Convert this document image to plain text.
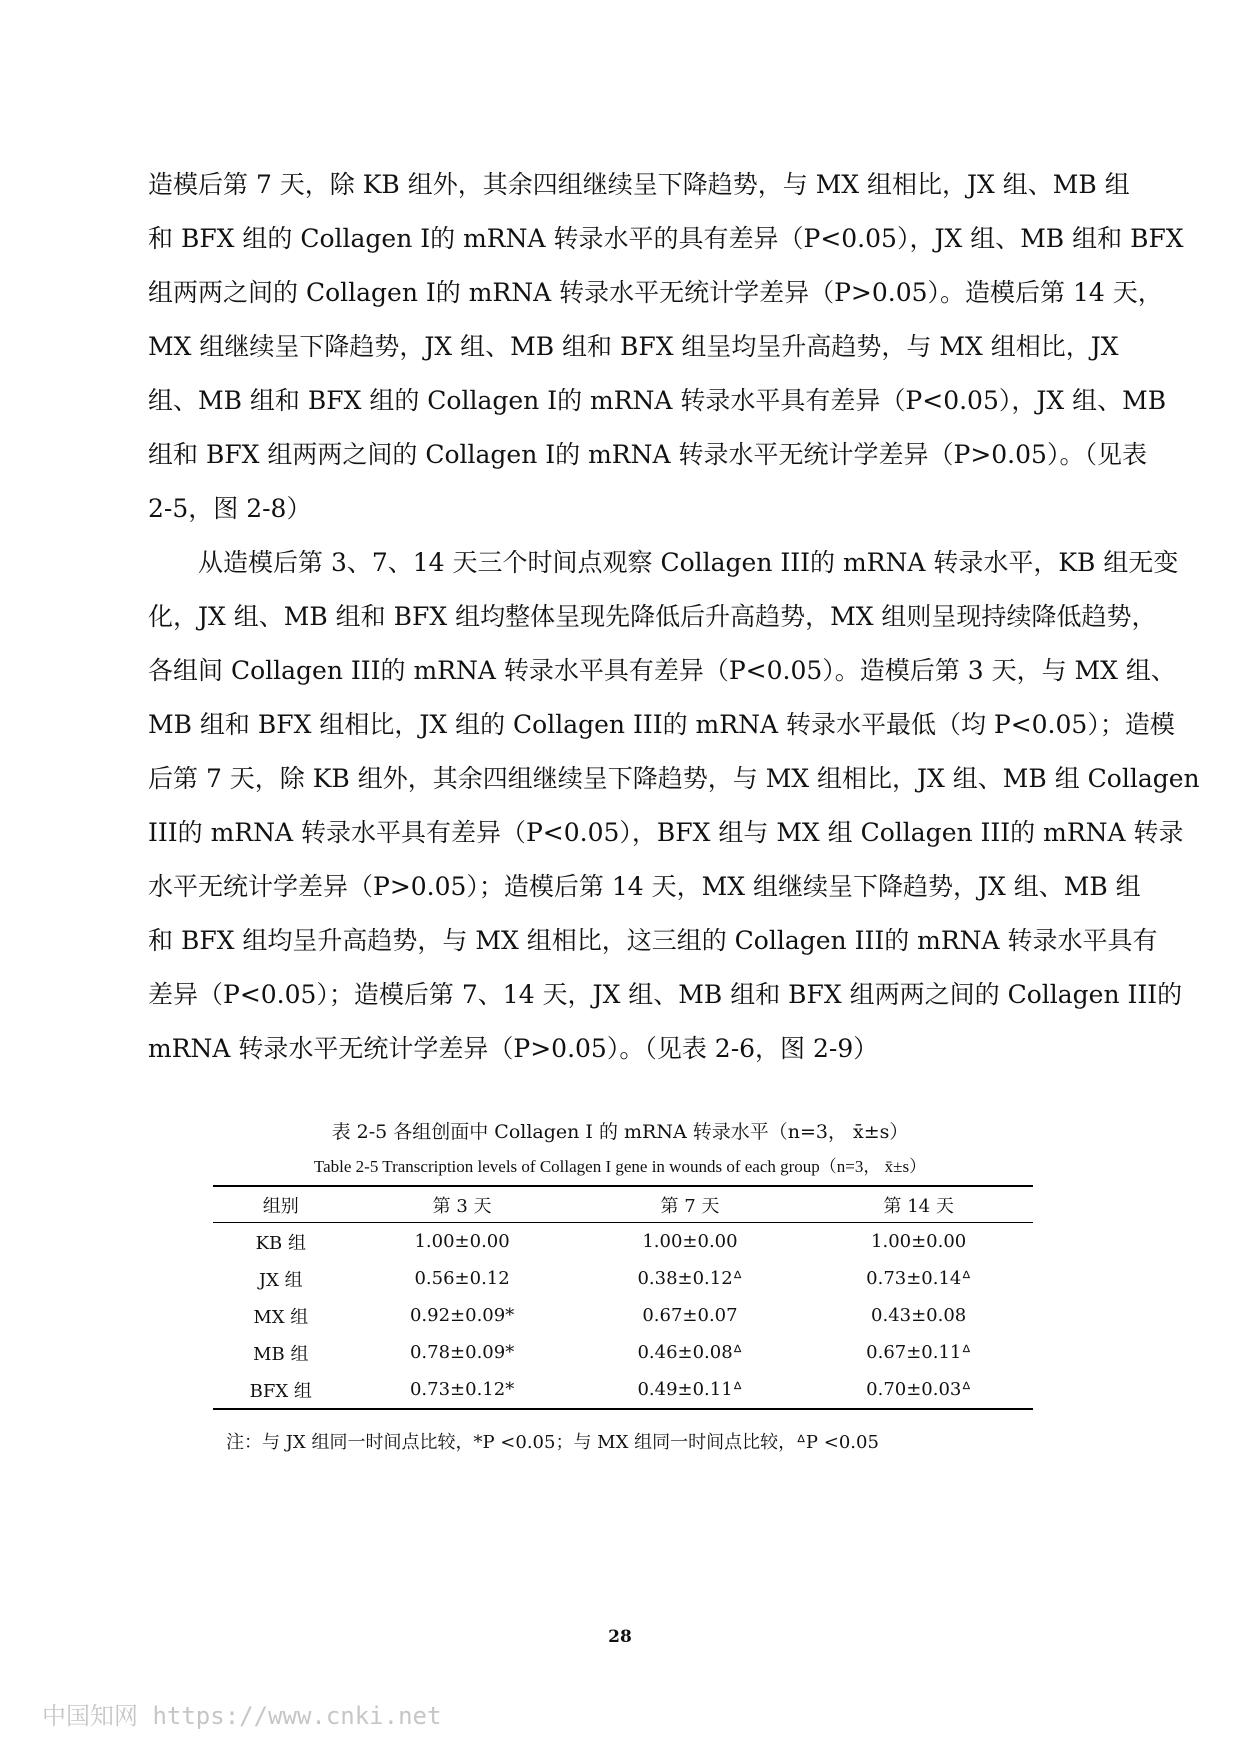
造模后第 7 天，除 KB 组外，其余四组继续呈下降趋势，与 MX 组相比，JX 组、MB 组
和 BFX 组的 Collagen I的 mRNA 转录水平的具有差异（P<0.05），JX 组、MB 组和 BFX
组两两之间的 Collagen I的 mRNA 转录水平无统计学差异（P>0.05）。造模后第 14 天，
MX 组继续呈下降趋势，JX 组、MB 组和 BFX 组呈均呈升高趋势，与 MX 组相比，JX
组、MB 组和 BFX 组的 Collagen I的 mRNA 转录水平具有差异（P<0.05），JX 组、MB
组和 BFX 组两两之间的 Collagen I的 mRNA 转录水平无统计学差异（P>0.05）。（见表
2-5，图 2-8）
从造模后第 3、7、14 天三个时间点观察 Collagen III的 mRNA 转录水平，KB 组无变
化，JX 组、MB 组和 BFX 组均整体呈现先降低后升高趋势，MX 组则呈现持续降低趋势，
各组间 Collagen III的 mRNA 转录水平具有差异（P<0.05）。造模后第 3 天，与 MX 组、
MB 组和 BFX 组相比，JX 组的 Collagen III的 mRNA 转录水平最低（均 P<0.05）；造模
后第 7 天，除 KB 组外，其余四组继续呈下降趋势，与 MX 组相比，JX 组、MB 组 Collagen
III的 mRNA 转录水平具有差异（P<0.05），BFX 组与 MX 组 Collagen III的 mRNA 转录
水平无统计学差异（P>0.05）；造模后第 14 天，MX 组继续呈下降趋势，JX 组、MB 组
和 BFX 组均呈升高趋势，与 MX 组相比，这三组的 Collagen III的 mRNA 转录水平具有
差异（P<0.05）；造模后第 7、14 天，JX 组、MB 组和 BFX 组两两之间的 Collagen III的
mRNA 转录水平无统计学差异（P>0.05）。（见表 2-6，图 2-9）
表 2-5 各组创面中 Collagen I 的 mRNA 转录水平（n=3， x̄±s）
Table 2-5 Transcription levels of Collagen I gene in wounds of each group（n=3， x̄±s）
组别	第 3 天	第 7 天	第 14 天
KB 组	1.00±0.00	1.00±0.00	1.00±0.00
JX 组	0.56±0.12	0.38±0.12ᐞ	0.73±0.14ᐞ
MX 组	0.92±0.09*	0.67±0.07	0.43±0.08
MB 组	0.78±0.09*	0.46±0.08ᐞ	0.67±0.11ᐞ
BFX 组	0.73±0.12*	0.49±0.11ᐞ	0.70±0.03ᐞ
注：与 JX 组同一时间点比较，*P <0.05；与 MX 组同一时间点比较，ᐞP <0.05
28
中国知网 https://www.cnki.net
